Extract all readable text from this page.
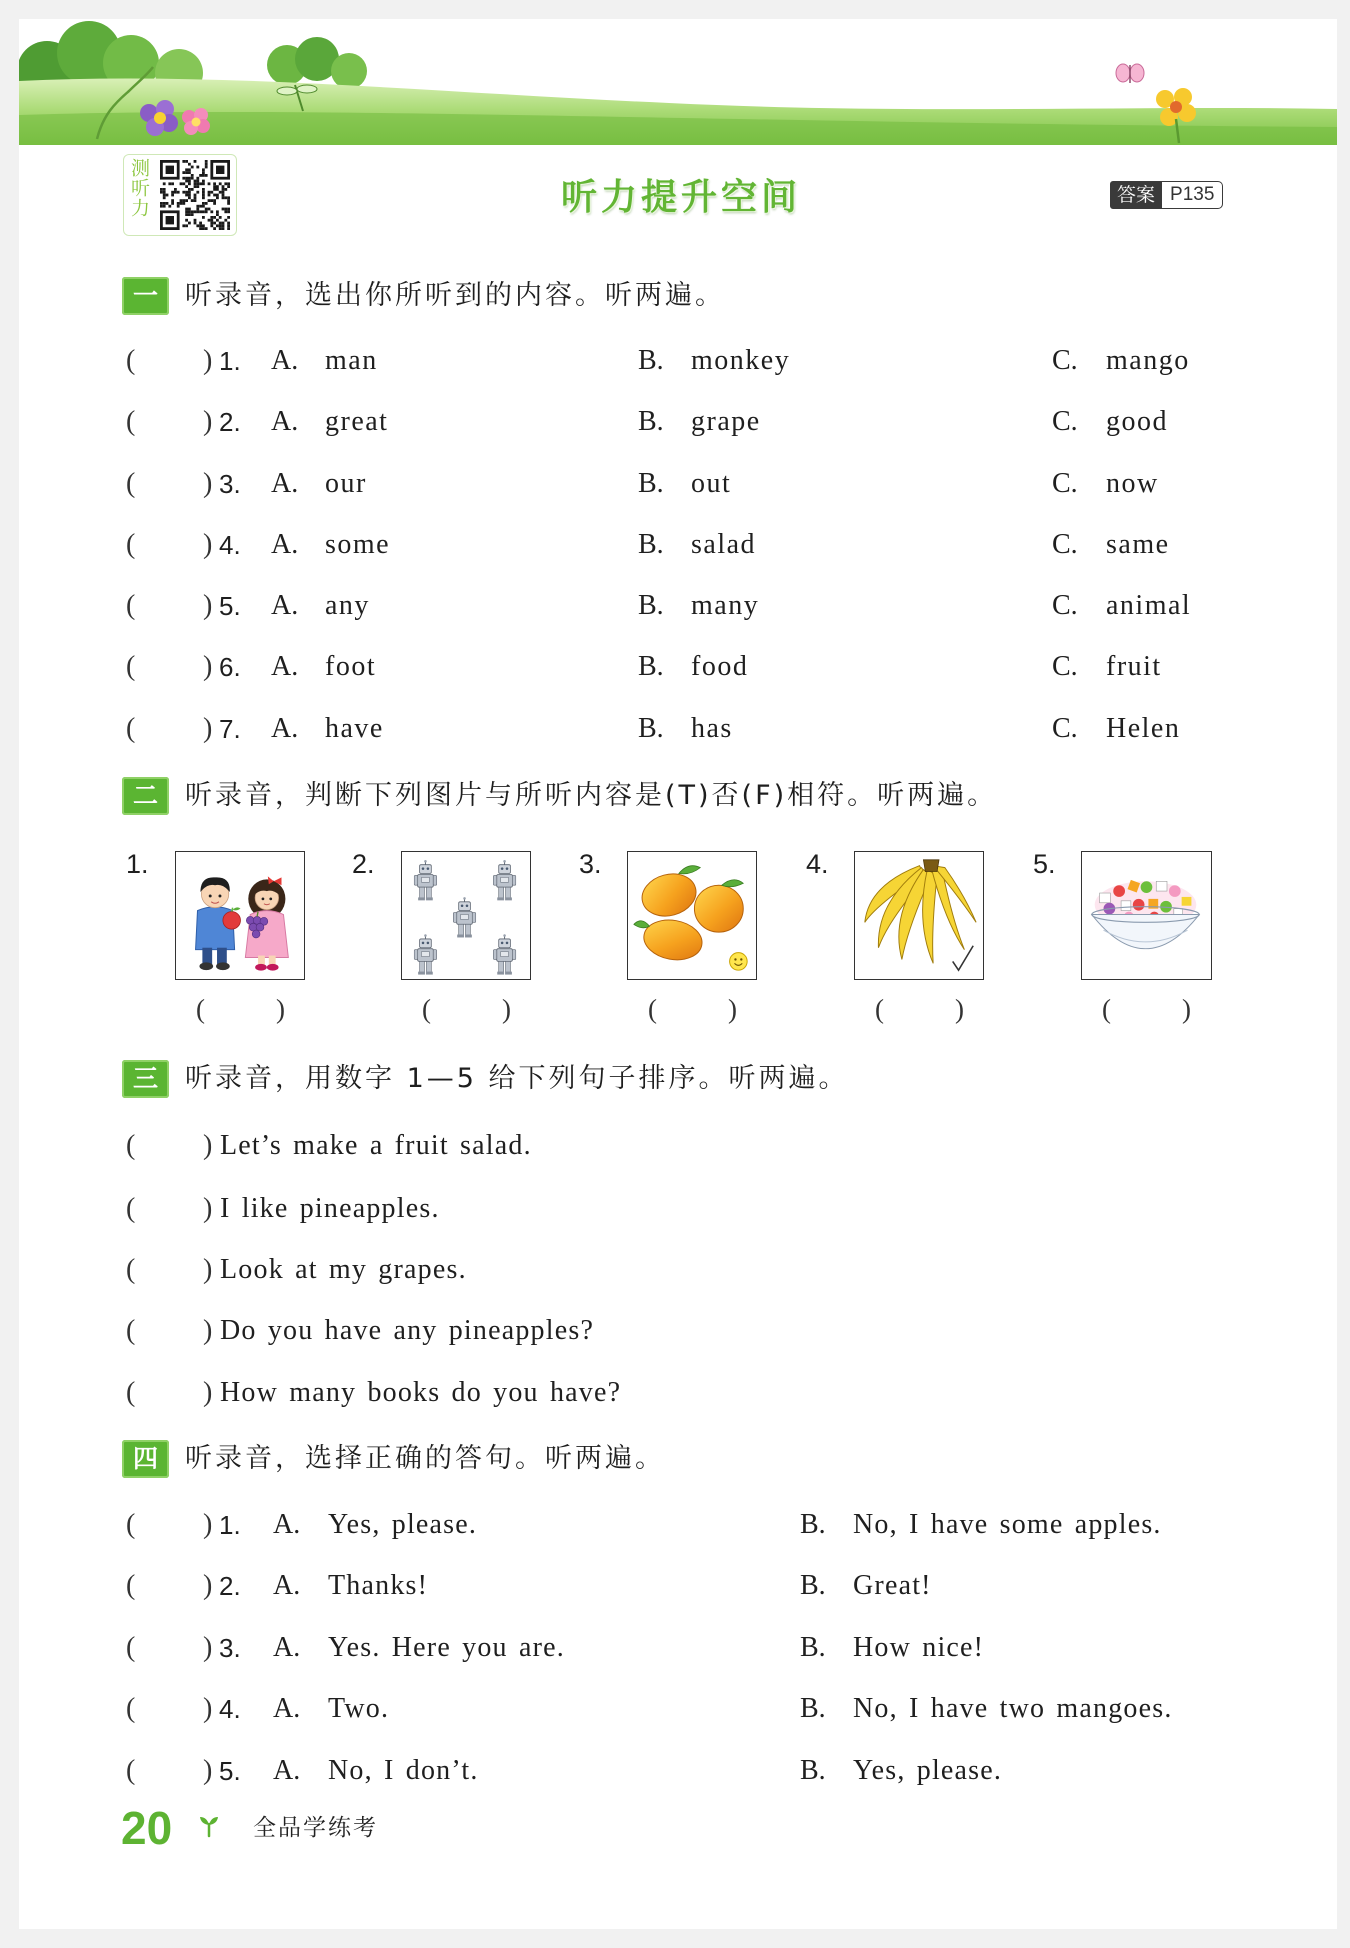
测听力	听力提升空间	答案 P135
一	听录音，选出你所听到的内容。听两遍。
( ) 1. A. man	B. monkey	C. mango
( ) 2. A. great	B. grape	C. good
( ) 3. A. our	B. out	C. now
( ) 4. A. some	B. salad	C. same
( ) 5. A. any	B. many	C. animal
( ) 6. A. foot	B. food	C. fruit
( ) 7. A. have	B. has	C. Helen
二	听录音，判断下列图片与所听内容是(T)否(F)相符。听两遍。
1.	2.	3.	4.	5.
(	)	(	)	(	)	(	)	(	)
三	听录音，用数字 1—5 给下列句子排序。听两遍。
( ) Let’s make a fruit salad.
( ) I like pineapples.
( ) Look at my grapes.
( ) Do you have any pineapples?
( ) How many books do you have?
四	听录音，选择正确的答句。听两遍。
( ) 1. A. Yes, please.	B. No, I have some apples.
( ) 2. A. Thanks!	B. Great!
( ) 3. A. Yes. Here you are.	B. How nice!
( ) 4. A. Two.	B. No, I have two mangoes.
( ) 5. A. No, I don’t.	B. Yes, please.
20	全品学练考
